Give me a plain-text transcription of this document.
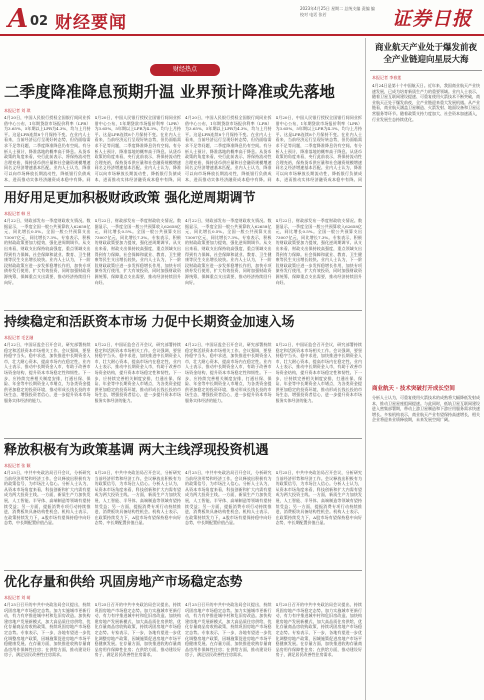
A 02 财经要闻
2023年4月25日 星期二 总统支编 责编 编 校对 电话 张若	证券日报
财经热点
二季度降准降息预期升温 业界预计降准或先落地
本报记者 刘 琪
4月20日，中国人民银行授权全国银行间同业拆借中心公布，1年期贷款市场报价利率（LPR）为3.65%，5年期以上LPR为4.3%，均与上月持平。这是LPR连续8个月保持不变。在业内人士看来，当前经济运行呈现好转态势，但仍面临需求不足等问题，二季度降准降息仍有空间。有分析人士预计，降准落地的概率高于降息。从货币政策的角度来看，央行此前表示，将保持流动性合理充裕，保持货币供应量和社会融资规模增速同名义经济增速基本匹配。业内人士认为，降准可以向市场释放长期流动性，降低银行负债成本，进而推动实体经济融资成本稳中有降。同
4月20日，中国人民银行授权全国银行间同业拆借中心公布，1年期贷款市场报价利率（LPR）为3.65%，5年期以上LPR为4.3%，均与上月持平。这是LPR连续8个月保持不变。在业内人士看来，当前经济运行呈现好转态势，但仍面临需求不足等问题，二季度降准降息仍有空间。有分析人士预计，降准落地的概率高于降息。从货币政策的角度来看，央行此前表示，将保持流动性合理充裕，保持货币供应量和社会融资规模增速同名义经济增速基本匹配。业内人士认为，降准可以向市场释放长期流动性，降低银行负债成本，进而推动实体经济融资成本稳中有降。同
4月20日，中国人民银行授权全国银行间同业拆借中心公布，1年期贷款市场报价利率（LPR）为3.65%，5年期以上LPR为4.3%，均与上月持平。这是LPR连续8个月保持不变。在业内人士看来，当前经济运行呈现好转态势，但仍面临需求不足等问题，二季度降准降息仍有空间。有分析人士预计，降准落地的概率高于降息。从货币政策的角度来看，央行此前表示，将保持流动性合理充裕，保持货币供应量和社会融资规模增速同名义经济增速基本匹配。业内人士认为，降准可以向市场释放长期流动性，降低银行负债成本，进而推动实体经济融资成本稳中有降。同
4月20日，中国人民银行授权全国银行间同业拆借中心公布，1年期贷款市场报价利率（LPR）为3.65%，5年期以上LPR为4.3%，均与上月持平。这是LPR连续8个月保持不变。在业内人士看来，当前经济运行呈现好转态势，但仍面临需求不足等问题，二季度降准降息仍有空间。有分析人士预计，降准落地的概率高于降息。从货币政策的角度来看，央行此前表示，将保持流动性合理充裕，保持货币供应量和社会融资规模增速同名义经济增速基本匹配。业内人士认为，降准可以向市场释放长期流动性，降低银行负债成本，进而推动实体经济融资成本稳中有降。同
用好用足更加积极财政政策 强化逆周期调节
本报记者 韩 昱
4月22日，财政部发布一季度财政收支情况。数据显示，一季度全国一般公共预算收入62658亿元，同比增长0.5%。全国一般公共预算支出73007亿元，同比增长7.3%。专家表示，积极的财政政策要加力提效，强化逆周期调节。从支出来看，财政支出保持较高强度，重点领域支出得到有力保障。社会保障和就业、教育、卫生健康等民生支出增长较快。业内人士认为，下一阶段财政政策应进一步发挥稳增长作用，加快专项债券发行使用，扩大有效投资，同时加强财政资源统筹，保障重点支出需要，推动经济持续回升向好。
4月22日，财政部发布一季度财政收支情况。数据显示，一季度全国一般公共预算收入62658亿元，同比增长0.5%。全国一般公共预算支出73007亿元，同比增长7.3%。专家表示，积极的财政政策要加力提效，强化逆周期调节。从支出来看，财政支出保持较高强度，重点领域支出得到有力保障。社会保障和就业、教育、卫生健康等民生支出增长较快。业内人士认为，下一阶段财政政策应进一步发挥稳增长作用，加快专项债券发行使用，扩大有效投资，同时加强财政资源统筹，保障重点支出需要，推动经济持续回升向好。
4月22日，财政部发布一季度财政收支情况。数据显示，一季度全国一般公共预算收入62658亿元，同比增长0.5%。全国一般公共预算支出73007亿元，同比增长7.3%。专家表示，积极的财政政策要加力提效，强化逆周期调节。从支出来看，财政支出保持较高强度，重点领域支出得到有力保障。社会保障和就业、教育、卫生健康等民生支出增长较快。业内人士认为，下一阶段财政政策应进一步发挥稳增长作用，加快专项债券发行使用，扩大有效投资，同时加强财政资源统筹，保障重点支出需要，推动经济持续回升向好。
4月22日，财政部发布一季度财政收支情况。数据显示，一季度全国一般公共预算收入62658亿元，同比增长0.5%。全国一般公共预算支出73007亿元，同比增长7.3%。专家表示，积极的财政政策要加力提效，强化逆周期调节。从支出来看，财政支出保持较高强度，重点领域支出得到有力保障。社会保障和就业、教育、卫生健康等民生支出增长较快。业内人士认为，下一阶段财政政策应进一步发挥稳增长作用，加快专项债券发行使用，扩大有效投资，同时加强财政资源统筹，保障重点支出需要，推动经济持续回升向好。
持续稳定和活跃资本市场 力促中长期资金加速入场
本报记者 毛艺融
4月22日，中国证监会召开会议，研究部署持续稳定和活跃资本市场相关工作。会议强调，要坚持稳字当头、稳中求进，加快推进中长期资金入市，壮大耐心资本，提高市场内在稳定性。业内人士表示，推动中长期资金入市，有助于改善市场资金结构，提升资本市场稳定性和韧性。下一步，应持续完善相关制度安排，打通社保、保险、年金等中长期资金入市堵点，为各类资金提供更加稳定的投资环境，推动形成长钱长投的市场生态，增强投资者信心，进一步提升资本市场服务实体经济的能力。
4月22日，中国证监会召开会议，研究部署持续稳定和活跃资本市场相关工作。会议强调，要坚持稳字当头、稳中求进，加快推进中长期资金入市，壮大耐心资本，提高市场内在稳定性。业内人士表示，推动中长期资金入市，有助于改善市场资金结构，提升资本市场稳定性和韧性。下一步，应持续完善相关制度安排，打通社保、保险、年金等中长期资金入市堵点，为各类资金提供更加稳定的投资环境，推动形成长钱长投的市场生态，增强投资者信心，进一步提升资本市场服务实体经济的能力。
4月22日，中国证监会召开会议，研究部署持续稳定和活跃资本市场相关工作。会议强调，要坚持稳字当头、稳中求进，加快推进中长期资金入市，壮大耐心资本，提高市场内在稳定性。业内人士表示，推动中长期资金入市，有助于改善市场资金结构，提升资本市场稳定性和韧性。下一步，应持续完善相关制度安排，打通社保、保险、年金等中长期资金入市堵点，为各类资金提供更加稳定的投资环境，推动形成长钱长投的市场生态，增强投资者信心，进一步提升资本市场服务实体经济的能力。
4月22日，中国证监会召开会议，研究部署持续稳定和活跃资本市场相关工作。会议强调，要坚持稳字当头、稳中求进，加快推进中长期资金入市，壮大耐心资本，提高市场内在稳定性。业内人士表示，推动中长期资金入市，有助于改善市场资金结构，提升资本市场稳定性和韧性。下一步，应持续完善相关制度安排，打通社保、保险、年金等中长期资金入市堵点，为各类资金提供更加稳定的投资环境，推动形成长钱长投的市场生态，增强投资者信心，进一步提升资本市场服务实体经济的能力。
释放积极有为政策基调 两大主线浮现投资机遇
本报记者 张 颖
4月25日，中共中央政治局召开会议，分析研究当前经济形势和经济工作。会议释放出积极有为的政策信号，为市场注入信心。分析人士认为，从资本市场角度来看，科技创新和扩大内需有望成为两大投资主线。一方面，新质生产力加快发展，人工智能、半导体、高端制造等领域有望持续受益；另一方面，提振消费专项行动持续推进，消费板块具备结构性机会。机构人士表示，在政策持续发力下，A股市场有望保持稳中向好态势，中长期配置价值凸显。
4月25日，中共中央政治局召开会议，分析研究当前经济形势和经济工作。会议释放出积极有为的政策信号，为市场注入信心。分析人士认为，从资本市场角度来看，科技创新和扩大内需有望成为两大投资主线。一方面，新质生产力加快发展，人工智能、半导体、高端制造等领域有望持续受益；另一方面，提振消费专项行动持续推进，消费板块具备结构性机会。机构人士表示，在政策持续发力下，A股市场有望保持稳中向好态势，中长期配置价值凸显。
4月25日，中共中央政治局召开会议，分析研究当前经济形势和经济工作。会议释放出积极有为的政策信号，为市场注入信心。分析人士认为，从资本市场角度来看，科技创新和扩大内需有望成为两大投资主线。一方面，新质生产力加快发展，人工智能、半导体、高端制造等领域有望持续受益；另一方面，提振消费专项行动持续推进，消费板块具备结构性机会。机构人士表示，在政策持续发力下，A股市场有望保持稳中向好态势，中长期配置价值凸显。
4月25日，中共中央政治局召开会议，分析研究当前经济形势和经济工作。会议释放出积极有为的政策信号，为市场注入信心。分析人士认为，从资本市场角度来看，科技创新和扩大内需有望成为两大投资主线。一方面，新质生产力加快发展，人工智能、半导体、高端制造等领域有望持续受益；另一方面，提振消费专项行动持续推进，消费板块具备结构性机会。机构人士表示，在政策持续发力下，A股市场有望保持稳中向好态势，中长期配置价值凸显。
优化存量和供给 巩固房地产市场稳定态势
本报记者 刘 萌
4月25日召开的中共中央政治局会议提出，持续巩固房地产市场稳定态势。加力实施城市更新行动，有力有序推进城中村和危旧房改造。加快构建房地产发展新模式，加大高品质住房供给，优化存量商品房收购政策，持续巩固房地产市场稳定态势。专家表示，下一步，各地有望进一步优化调整房地产政策，因城施策促进房地产市场平稳健康发展。在存量方面，加快推进收购存量商品房用作保障性住房；在供给方面，推动建设好房子，满足居民改善性住房需求。
4月25日召开的中共中央政治局会议提出，持续巩固房地产市场稳定态势。加力实施城市更新行动，有力有序推进城中村和危旧房改造。加快构建房地产发展新模式，加大高品质住房供给，优化存量商品房收购政策，持续巩固房地产市场稳定态势。专家表示，下一步，各地有望进一步优化调整房地产政策，因城施策促进房地产市场平稳健康发展。在存量方面，加快推进收购存量商品房用作保障性住房；在供给方面，推动建设好房子，满足居民改善性住房需求。
4月25日召开的中共中央政治局会议提出，持续巩固房地产市场稳定态势。加力实施城市更新行动，有力有序推进城中村和危旧房改造。加快构建房地产发展新模式，加大高品质住房供给，优化存量商品房收购政策，持续巩固房地产市场稳定态势。专家表示，下一步，各地有望进一步优化调整房地产政策，因城施策促进房地产市场平稳健康发展。在存量方面，加快推进收购存量商品房用作保障性住房；在供给方面，推动建设好房子，满足居民改善性住房需求。
4月25日召开的中共中央政治局会议提出，持续巩固房地产市场稳定态势。加力实施城市更新行动，有力有序推进城中村和危旧房改造。加快构建房地产发展新模式，加大高品质住房供给，优化存量商品房收购政策，持续巩固房地产市场稳定态势。专家表示，下一步，各地有望进一步优化调整房地产政策，因城施策促进房地产市场平稳健康发展。在存量方面，加快推进收购存量商品房用作保障性住房；在供给方面，推动建设好房子，满足居民改善性住房需求。
商业航天产业处于爆发前夜 全产业链迎向星辰大海
本报记者 李春莲
4月24日是第十个中国航天日。近年来，我国商业航天产业快速发展，已成为培育新质生产力的重要领域。业内人士表示，随着卫星互联网建设提速、可重复使用火箭技术不断突破，商业航天正处于爆发前夜，全产业链迎来重大发展机遇。从产业链看，商业航天涵盖卫星制造、火箭发射、地面设备和卫星运营服务等环节。随着政策支持力度加大、社会资本加速涌入，行业发展生态持续优化。
商业航天 · 技术突破打开成长空间
分析人士认为，可重复使用火箭技术的成熟将大幅降低发射成本，推动卫星星座组网提速。与此同时，低轨卫星互联网建设进入密集部署期，带动上游卫星制造和下游应用服务需求快速增长。多家机构表示，商业航天产业有望保持高速增长，相关企业将迎来业绩释放期，未来发展空间广阔。
